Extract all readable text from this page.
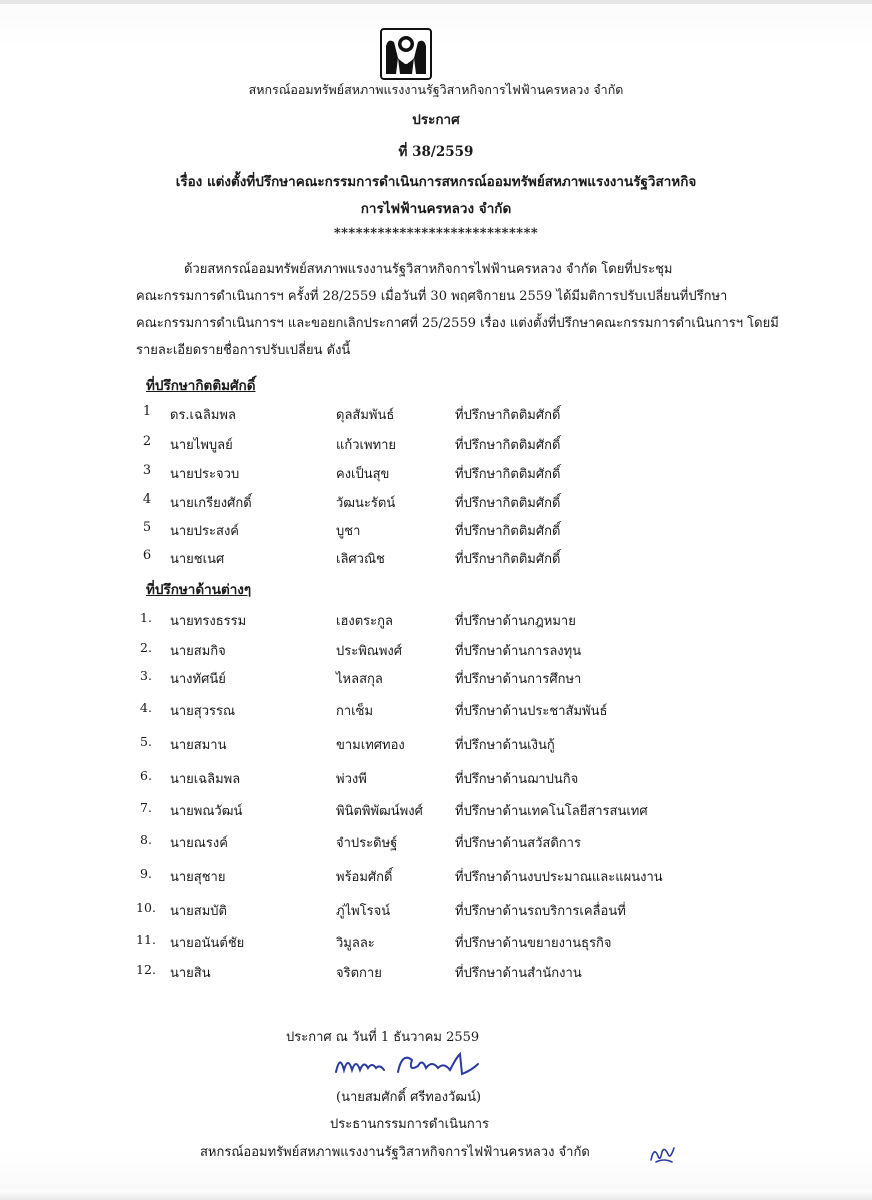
สหกรณ์ออมทรัพย์สหภาพแรงงานรัฐวิสาหกิจการไฟฟ้านครหลวง จำกัด
ประกาศ
ที่ 38/2559
เรื่อง แต่งตั้งที่ปรึกษาคณะกรรมการดำเนินการสหกรณ์ออมทรัพย์สหภาพแรงงานรัฐวิสาหกิจ
การไฟฟ้านครหลวง จำกัด
****************************
ด้วยสหกรณ์ออมทรัพย์สหภาพแรงงานรัฐวิสาหกิจการไฟฟ้านครหลวง จำกัด โดยที่ประชุม
คณะกรรมการดำเนินการฯ ครั้งที่ 28/2559 เมื่อวันที่ 30 พฤศจิกายน 2559 ได้มีมติการปรับเปลี่ยนที่ปรึกษา
คณะกรรมการดำเนินการฯ และขอยกเลิกประกาศที่ 25/2559 เรื่อง แต่งตั้งที่ปรึกษาคณะกรรมการดำเนินการฯ โดยมี
รายละเอียดรายชื่อการปรับเปลี่ยน ดังนี้
ที่ปรึกษากิตติมศักดิ์
1	ดร.เฉลิมพล	ดุลสัมพันธ์	ที่ปรึกษากิตติมศักดิ์
2	นายไพบูลย์	แก้วเพทาย	ที่ปรึกษากิตติมศักดิ์
3	นายประจวบ	คงเป็นสุข	ที่ปรึกษากิตติมศักดิ์
4	นายเกรียงศักดิ์	วัฒนะรัตน์	ที่ปรึกษากิตติมศักดิ์
5	นายประสงค์	บูชา	ที่ปรึกษากิตติมศักดิ์
6	นายชเนศ	เลิศวณิช	ที่ปรึกษากิตติมศักดิ์
ที่ปรึกษาด้านต่างๆ
1.	นายทรงธรรม	เฮงตระกูล	ที่ปรึกษาด้านกฎหมาย
2.	นายสมกิจ	ประพิณพงศ์	ที่ปรึกษาด้านการลงทุน
3.	นางทัศนีย์	ไหลสกุล	ที่ปรึกษาด้านการศึกษา
4.	นายสุวรรณ	กาเซ็ม	ที่ปรึกษาด้านประชาสัมพันธ์
5.	นายสมาน	ขามเทศทอง	ที่ปรึกษาด้านเงินกู้
6.	นายเฉลิมพล	พ่วงพี	ที่ปรึกษาด้านฌาปนกิจ
7.	นายพณวัฒน์	พินิตพิพัฒน์พงศ์ ที่ปรึกษาด้านเทคโนโลยีสารสนเทศ
8.	นายณรงค์	จำประดิษฐ์	ที่ปรึกษาด้านสวัสดิการ
9.	นายสุชาย	พร้อมศักดิ์	ที่ปรึกษาด้านงบประมาณและแผนงาน
10.	นายสมบัติ	ภู่ไพโรจน์	ที่ปรึกษาด้านรถบริการเคลื่อนที่
11.	นายอนันต์ชัย	วิมูลละ	ที่ปรึกษาด้านขยายงานธุรกิจ
12.	นายสิน	จริตกาย	ที่ปรึกษาด้านสำนักงาน
ประกาศ ณ วันที่ 1 ธันวาคม 2559
(นายสมศักดิ์ ศรีทองวัฒน์)
ประธานกรรมการดำเนินการ
สหกรณ์ออมทรัพย์สหภาพแรงงานรัฐวิสาหกิจการไฟฟ้านครหลวง จำกัด
